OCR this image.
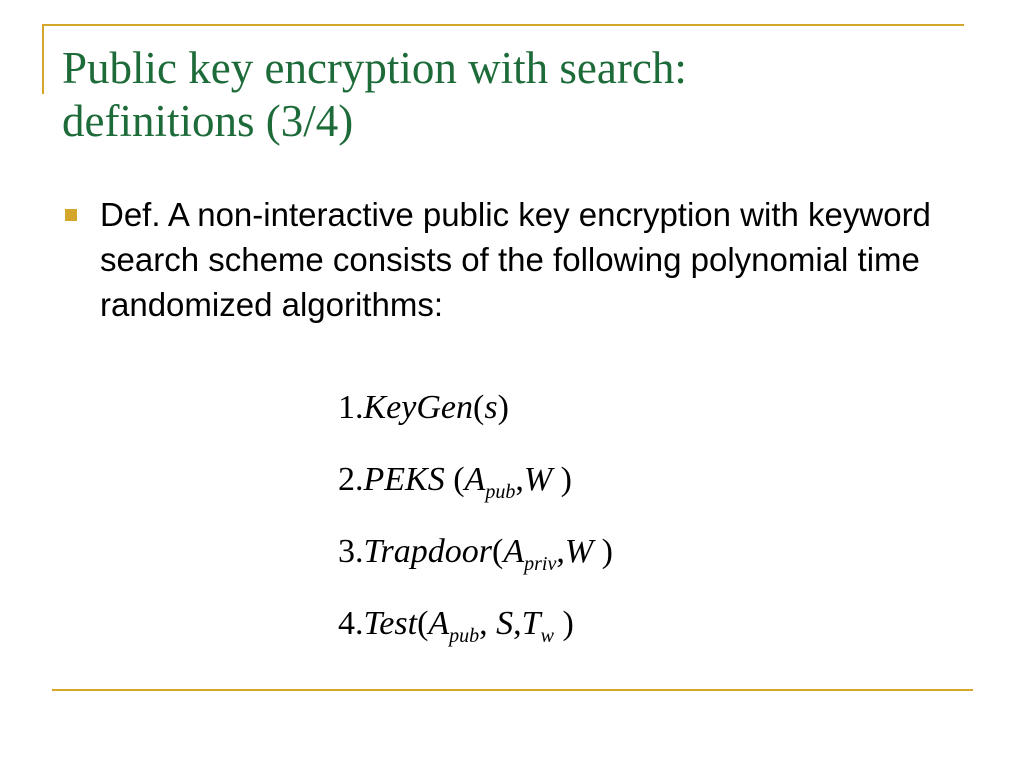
Public key encryption with search:
definitions (3/4)

Def. A non-interactive public key encryption with keyword search scheme consists of the following polynomial time randomized algorithms:

1.KeyGen(s)
2.PEKS ($A_{pub},W$ )
$3.Trapdoor(A_{priv},W$ )
$4.Test(A_{pub}$, $S,T_w$ )
